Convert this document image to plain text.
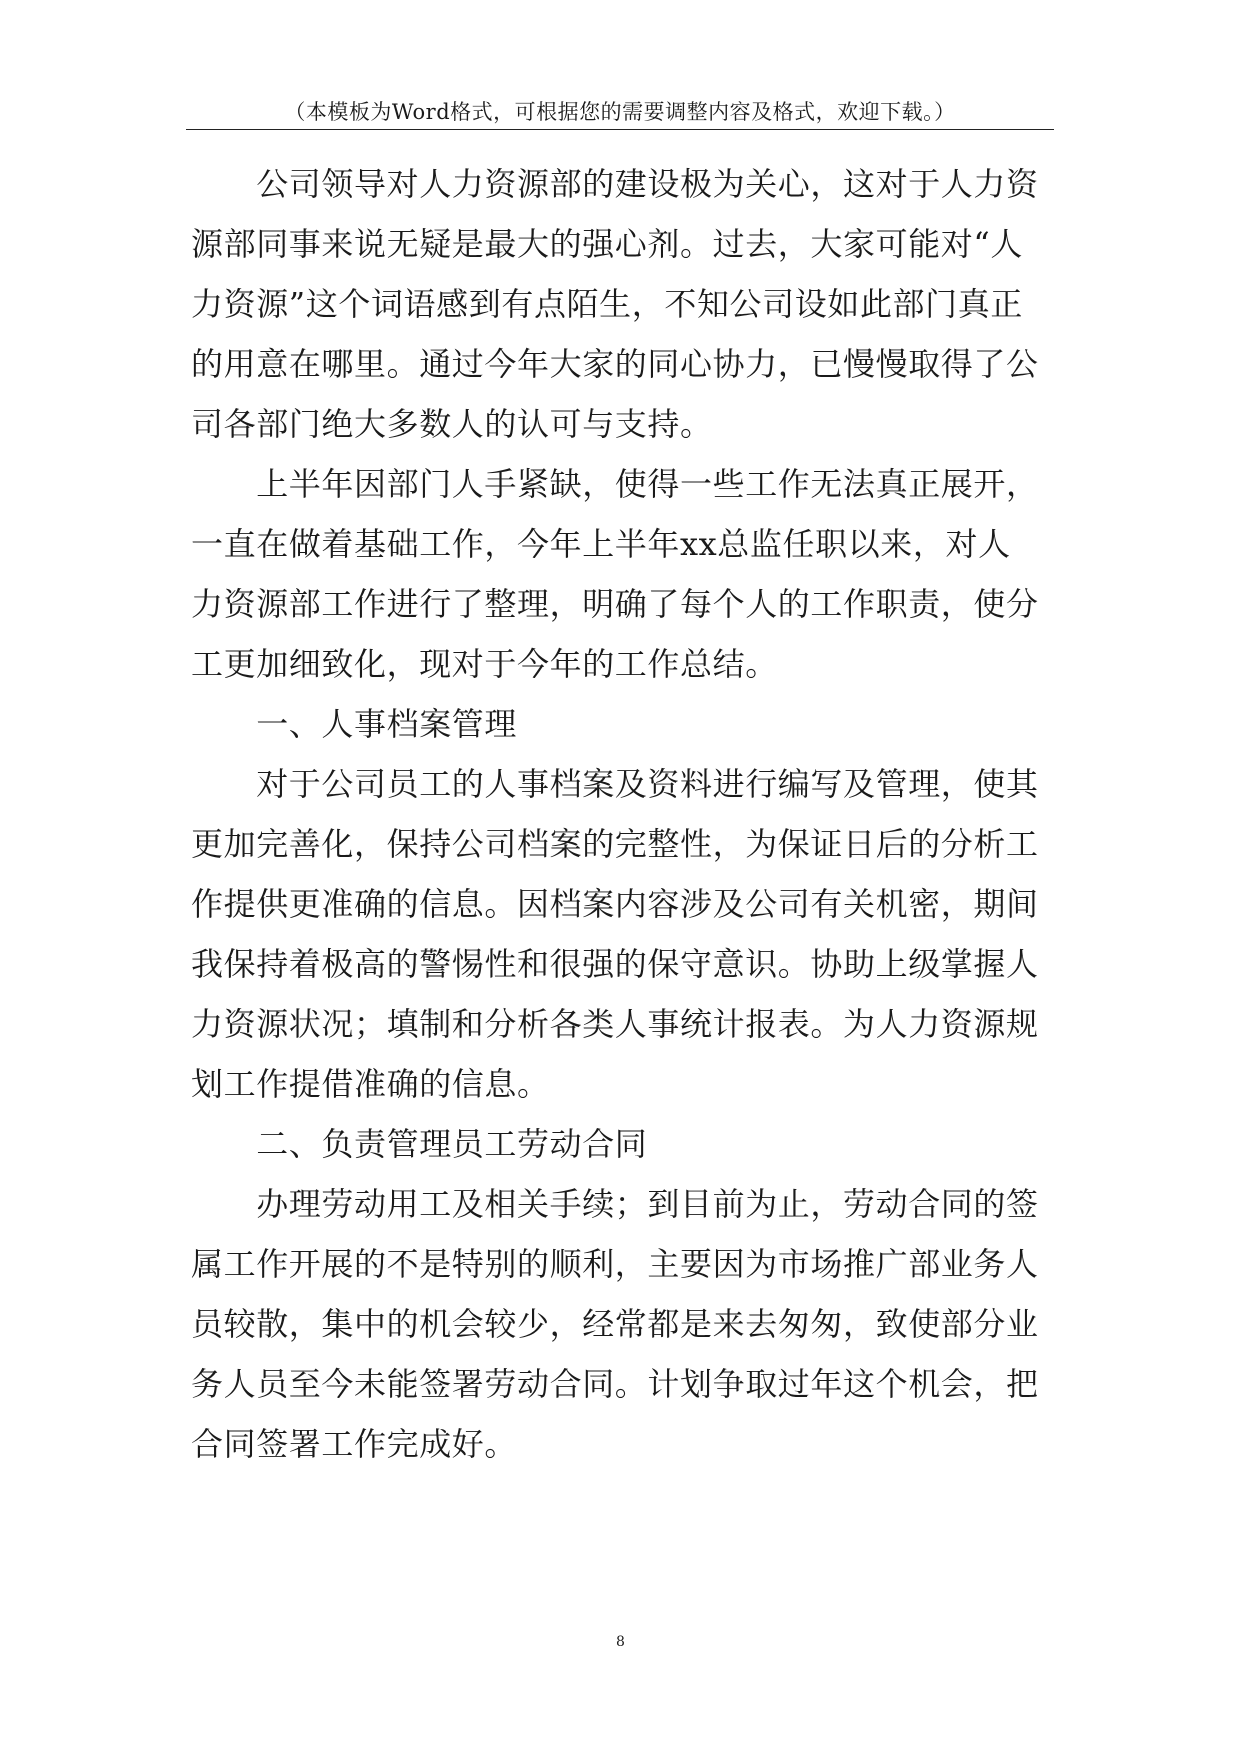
（本模板为Word格式，可根据您的需要调整内容及格式，欢迎下载。）
　　公司领导对人力资源部的建设极为关心，这对于人力资
源部同事来说无疑是最大的强心剂。过去，大家可能对“人
力资源”这个词语感到有点陌生，不知公司设如此部门真正
的用意在哪里。通过今年大家的同心协力，已慢慢取得了公
司各部门绝大多数人的认可与支持。
　　上半年因部门人手紧缺，使得一些工作无法真正展开，
一直在做着基础工作，今年上半年xx总监任职以来，对人
力资源部工作进行了整理，明确了每个人的工作职责，使分
工更加细致化，现对于今年的工作总结。
　　一、人事档案管理
　　对于公司员工的人事档案及资料进行编写及管理，使其
更加完善化，保持公司档案的完整性，为保证日后的分析工
作提供更准确的信息。因档案内容涉及公司有关机密，期间
我保持着极高的警惕性和很强的保守意识。协助上级掌握人
力资源状况；填制和分析各类人事统计报表。为人力资源规
划工作提借准确的信息。
　　二、负责管理员工劳动合同
　　办理劳动用工及相关手续；到目前为止，劳动合同的签
属工作开展的不是特别的顺利，主要因为市场推广部业务人
员较散，集中的机会较少，经常都是来去匆匆，致使部分业
务人员至今未能签署劳动合同。计划争取过年这个机会，把
合同签署工作完成好。
8
